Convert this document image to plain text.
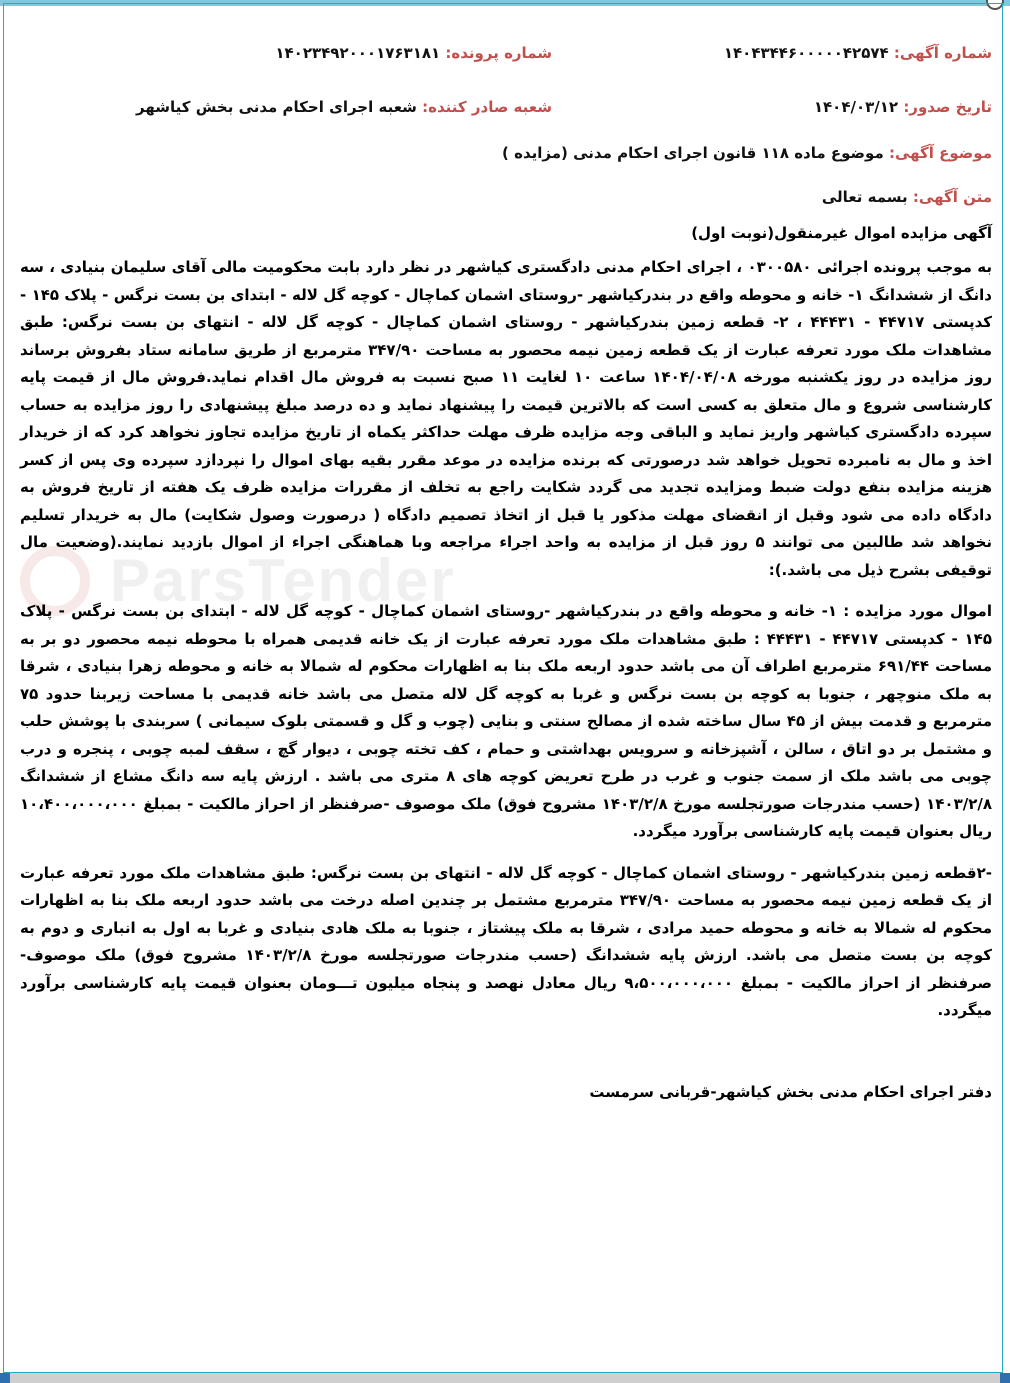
ParsTender
شماره آگهی: ۱۴۰۴۳۴۴۶۰۰۰۰۰۴۲۵۷۴
شماره پرونده: ۱۴۰۲۳۴۹۲۰۰۰۱۷۶۳۱۸۱
تاریخ صدور: ۱۴۰۴/۰۳/۱۲
شعبه صادر کننده: شعبه اجرای احکام مدنی بخش کیاشهر
موضوع آگهی: موضوع ماده ۱۱۸ قانون اجرای احکام مدنی (مزایده )
متن آگهی: بسمه تعالی
آگهی مزایده اموال غیرمنقول(نوبت اول)
به موجب پرونده اجرائی ۰۳۰۰۵۸۰ ، اجرای احکام مدنی دادگستری کیاشهر در نظر دارد بابت محکومیت مالی آقای سلیمان بنیادی ، سه دانگ از ششدانگ ۱- خانه و محوطه واقع در بندرکیاشهر -روستای اشمان کماچال - کوچه گل لاله - ابتدای بن بست نرگس - پلاک ۱۴۵ - کدپستی ۴۴۷۱۷ - ۴۴۴۳۱ ، ۲- قطعه زمین بندرکیاشهر - روستای اشمان کماچال - کوچه گل لاله - انتهای بن بست نرگس: طبق مشاهدات ملک مورد تعرفه عبارت از یک قطعه زمین نیمه محصور به مساحت ۳۴۷/۹۰ مترمربع از طریق سامانه ستاد بفروش برساند روز مزایده در روز یکشنبه مورخه ۱۴۰۴/۰۴/۰۸ ساعت ۱۰ لغایت ۱۱ صبح نسبت به فروش مال اقدام نماید.فروش مال از قیمت پایه کارشناسی شروع و مال متعلق به کسی است که بالاترین قیمت را پیشنهاد نماید و ده درصد مبلغ پیشنهادی را روز مزایده به حساب سپرده دادگستری کیاشهر واریز نماید و الباقی وجه مزایده ظرف مهلت حداکثر یکماه از تاریخ مزایده تجاوز نخواهد کرد که از خریدار اخذ و مال به نامبرده تحویل خواهد شد درصورتی که برنده مزایده در موعد مقرر بقیه بهای اموال را نپردازد سپرده وی پس از کسر هزینه مزایده بنفع دولت ضبط ومزایده تجدید می گردد شکایت راجع به تخلف از مقررات مزایده ظرف یک هفته از تاریخ فروش به دادگاه داده می شود وقبل از انقضای مهلت مذکور یا قبل از اتخاذ تصمیم دادگاه ( درصورت وصول شکایت) مال به خریدار تسلیم نخواهد شد طالبین می توانند ۵ روز قبل از مزایده به واحد اجراء مراجعه وبا هماهنگی اجراء از اموال بازدید نمایند.(وضعیت مال توقیفی بشرح ذیل می باشد.):
اموال مورد مزایده : ۱- خانه و محوطه واقع در بندرکیاشهر -روستای اشمان کماچال - کوچه گل لاله - ابتدای بن بست نرگس - پلاک ۱۴۵ - کدپستی ۴۴۷۱۷ - ۴۴۴۳۱ : طبق مشاهدات ملک مورد تعرفه عبارت از یک خانه قدیمی همراه با محوطه نیمه محصور دو بر به مساحت ۶۹۱/۴۴ مترمربع اطراف آن می باشد حدود اربعه ملک بنا به اظهارات محکوم له شمالا به خانه و محوطه زهرا بنیادی ، شرقا به ملک منوچهر ، جنوبا به کوچه بن بست نرگس و غربا به کوچه گل لاله متصل می باشد خانه قدیمی با مساحت زیربنا حدود ۷۵ مترمربع و قدمت بیش از ۴۵ سال ساخته شده از مصالح سنتی و بنایی (چوب و گل و قسمتی بلوک سیمانی ) سربندی با پوشش حلب و مشتمل بر دو اتاق ، سالن ، آشپزخانه و سرویس بهداشتی و حمام ، کف تخته چوبی ، دیوار گچ ، سقف لمبه چوبی ، پنجره و درب چوبی می باشد ملک از سمت جنوب و غرب در طرح تعریض کوچه های ۸ متری می باشد . ارزش پایه سه دانگ مشاع از ششدانگ ۱۴۰۳/۲/۸ (حسب مندرجات صورتجلسه مورخ ۱۴۰۳/۲/۸ مشروح فوق) ملک موصوف -صرفنظر از احراز مالکیت - بمبلغ ۱۰،۴۰۰،۰۰۰،۰۰۰ ریال بعنوان قیمت پایه کارشناسی برآورد میگردد.
-۲قطعه زمین بندرکیاشهر - روستای اشمان کماچال - کوچه گل لاله - انتهای بن بست نرگس: طبق مشاهدات ملک مورد تعرفه عبارت از یک قطعه زمین نیمه محصور به مساحت ۳۴۷/۹۰ مترمربع مشتمل بر چندین اصله درخت می باشد حدود اربعه ملک بنا به اظهارات محکوم له شمالا به خانه و محوطه حمید مرادی ، شرقا به ملک پیشتاز ، جنوبا به ملک هادی بنیادی و غربا به اول به انباری و دوم به کوچه بن بست متصل می باشد. ارزش پایه ششدانگ (حسب مندرجات صورتجلسه مورخ ۱۴۰۳/۲/۸ مشروح فوق) ملک موصوف- صرفنظر از احراز مالکیت - بمبلغ ۹،۵۰۰،۰۰۰،۰۰۰ ریال معادل نهصد و پنجاه میلیون تـــومان بعنوان قیمت پایه کارشناسی برآورد میگردد.
دفتر اجرای احکام مدنی بخش کیاشهر-قربانی سرمست
